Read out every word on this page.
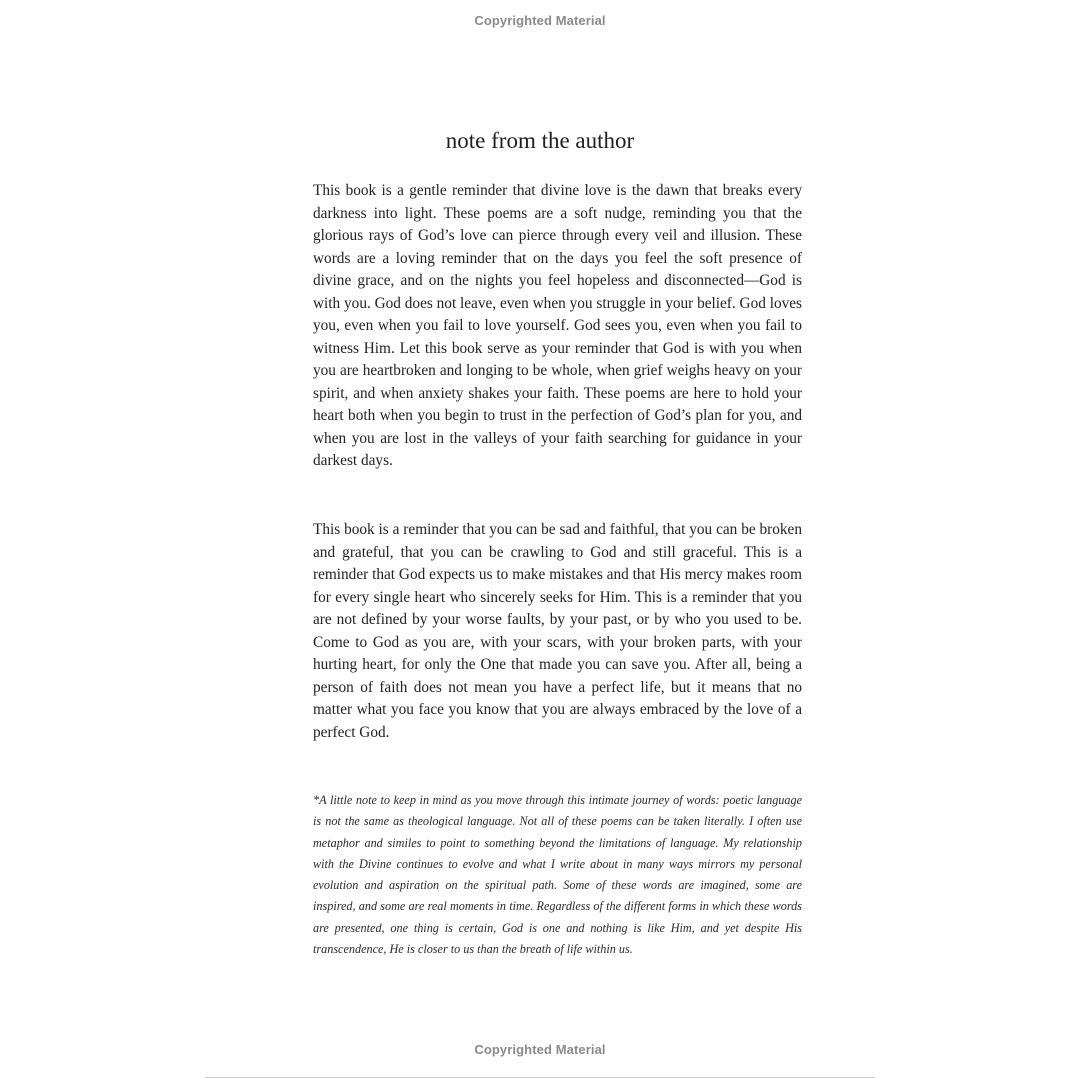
Copyrighted Material
note from the author

This book is a gentle reminder that divine love is the dawn that breaks every darkness into light. These poems are a soft nudge, reminding you that the glorious rays of God’s love can pierce through every veil and illusion. These words are a loving reminder that on the days you feel the soft presence of divine grace, and on the nights you feel hopeless and disconnected—God is with you. God does not leave, even when you struggle in your belief. God loves you, even when you fail to love yourself. God sees you, even when you fail to witness Him. Let this book serve as your reminder that God is with you when you are heartbroken and longing to be whole, when grief weighs heavy on your spirit, and when anxiety shakes your faith. These poems are here to hold your heart both when you begin to trust in the perfection of God’s plan for you, and when you are lost in the valleys of your faith searching for guidance in your darkest days.

This book is a reminder that you can be sad and faithful, that you can be broken and grateful, that you can be crawling to God and still graceful. This is a reminder that God expects us to make mistakes and that His mercy makes room for every single heart who sincerely seeks for Him. This is a reminder that you are not defined by your worse faults, by your past, or by who you used to be. Come to God as you are, with your scars, with your broken parts, with your hurting heart, for only the One that made you can save you. After all, being a person of faith does not mean you have a perfect life, but it means that no matter what you face you know that you are always embraced by the love of a perfect God.

*A little note to keep in mind as you move through this intimate journey of words: poetic language is not the same as theological language. Not all of these poems can be taken literally. I often use metaphor and similes to point to something beyond the limitations of language. My relationship with the Divine continues to evolve and what I write about in many ways mirrors my personal evolution and aspiration on the spiritual path. Some of these words are imagined, some are inspired, and some are real moments in time. Regardless of the different forms in which these words are presented, one thing is certain, God is one and nothing is like Him, and yet despite His transcendence, He is closer to us than the breath of life within us.

Copyrighted Material
